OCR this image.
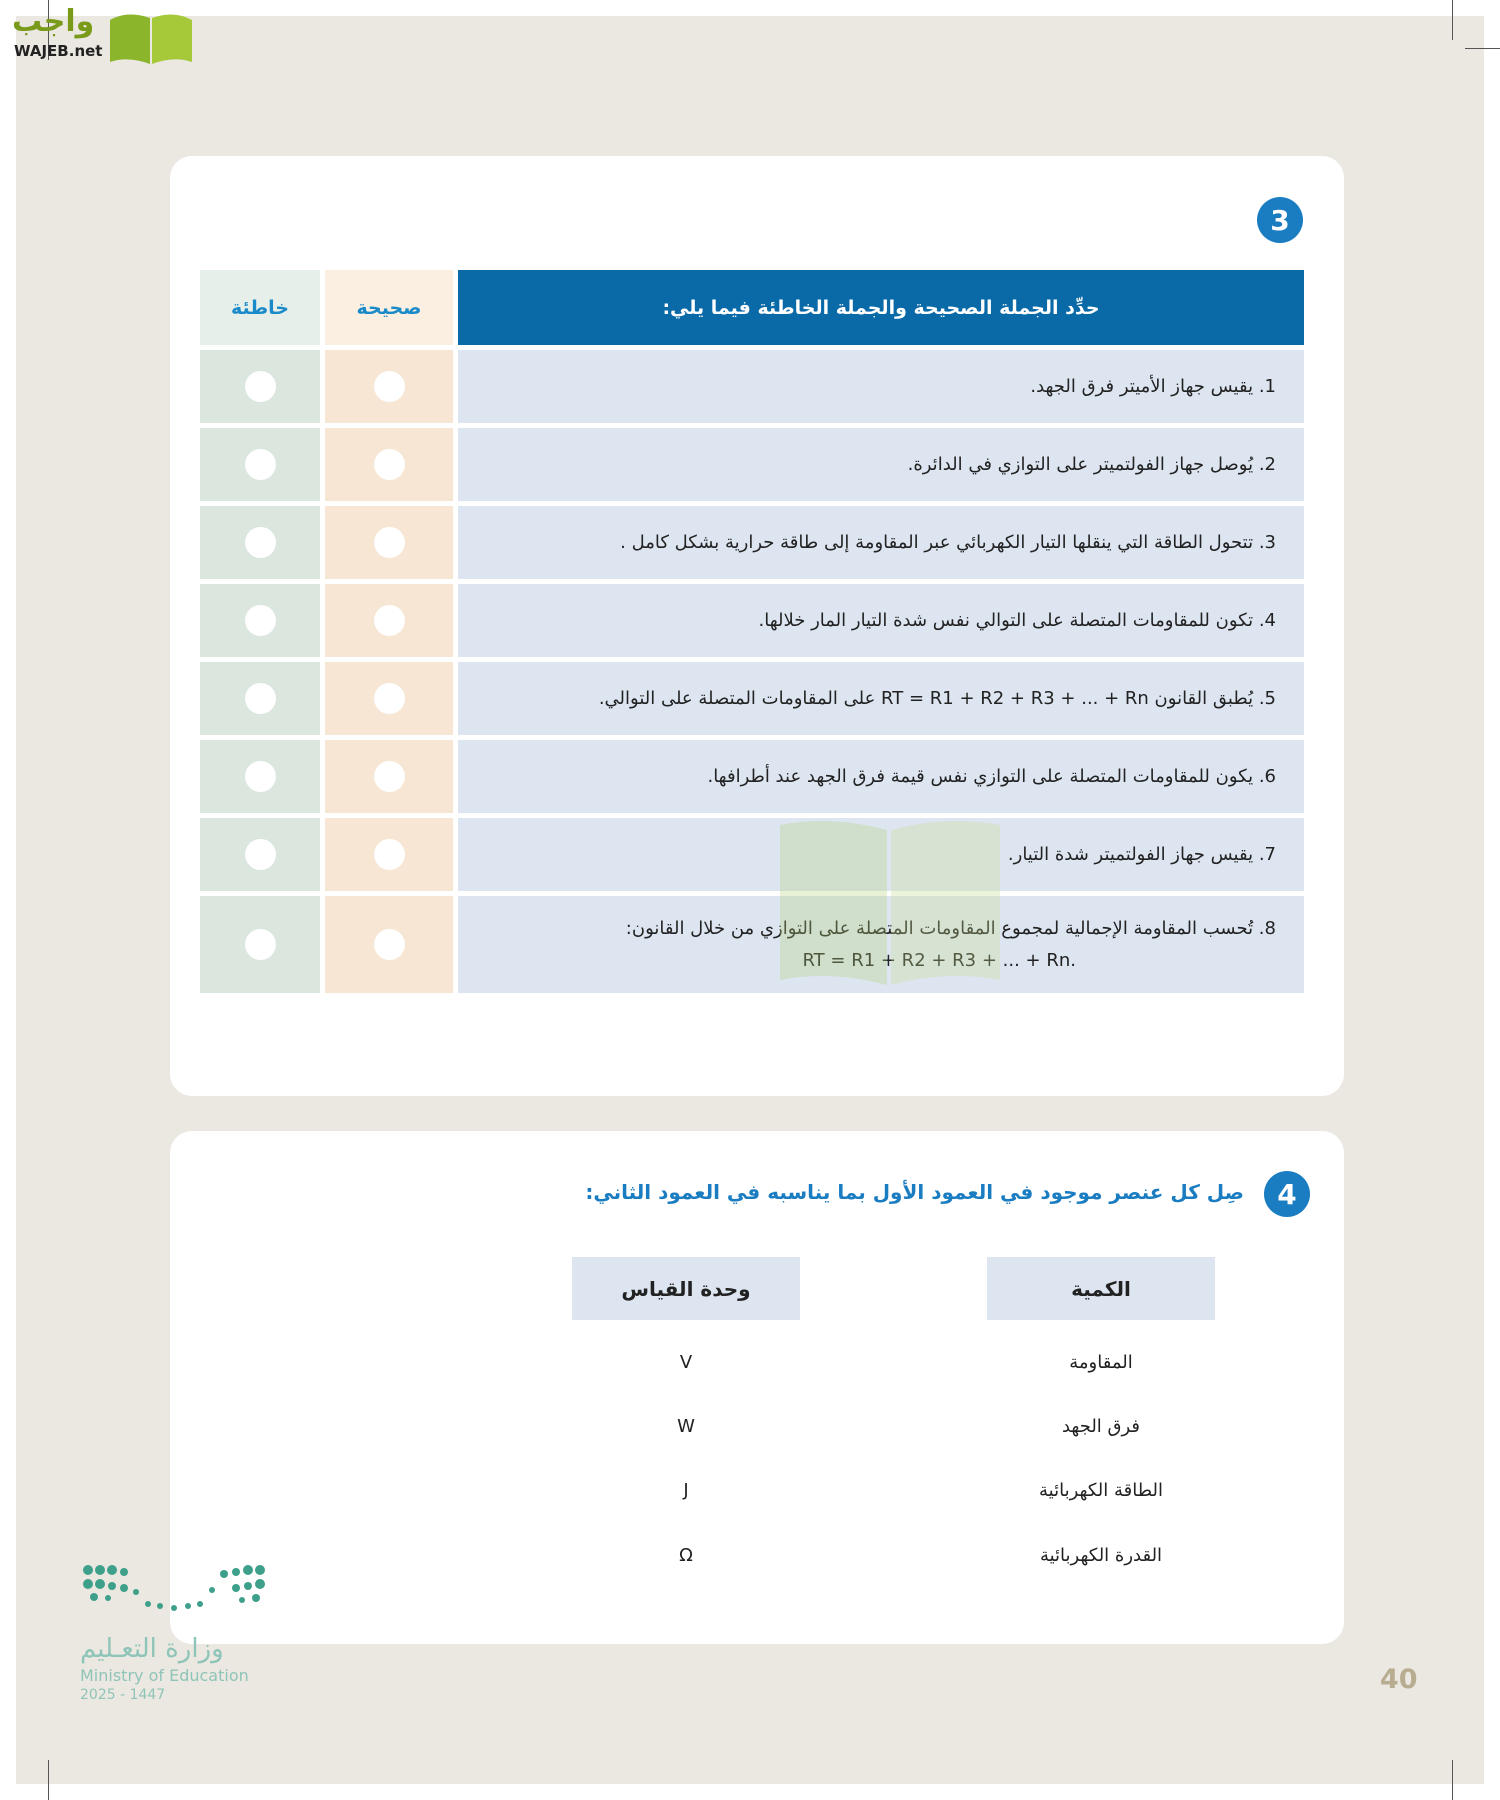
واجب
WAJEB.net
3
حدِّد الجملة الصحيحة والجملة الخاطئة فيما يلي:
صحيحة
خاطئة
1. يقيس جهاز الأميتر فرق الجهد.
2. يُوصل جهاز الفولتميتر على التوازي في الدائرة.
3. تتحول الطاقة التي ينقلها التيار الكهربائي عبر المقاومة إلى طاقة حرارية بشكل كامل .
4. تكون للمقاومات المتصلة على التوالي نفس شدة التيار المار خلالها.
5. يُطبق القانون RT = R1 + R2 + R3 + ... + Rn على المقاومات المتصلة على التوالي.
6. يكون للمقاومات المتصلة على التوازي نفس قيمة فرق الجهد عند أطرافها.
7. يقيس جهاز الفولتميتر شدة التيار.
8. تُحسب المقاومة الإجمالية لمجموع المقاومات المتصلة على التوازي من خلال القانون:
.RT = R1 + R2 + R3 + ... + Rn
4
صِل كل عنصر موجود في العمود الأول بما يناسبه في العمود الثاني:
الكمية
وحدة القياس
المقاومة
V
فرق الجهد
W
الطاقة الكهربائية
J
القدرة الكهربائية
Ω
وزارة التعـليم
Ministry of Education
2025 - 1447	40
